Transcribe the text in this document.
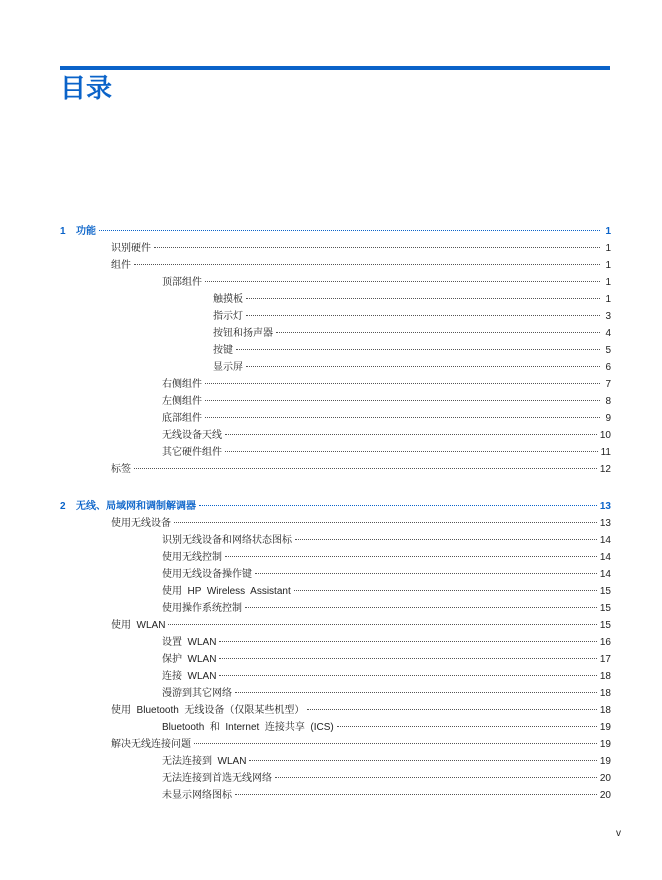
目录
1	功能	1
识别硬件	1
组件	1
顶部组件	1
触摸板	1
指示灯	3
按钮和扬声器	4
按键	5
显示屏	6
右侧组件	7
左侧组件	8
底部组件	9
无线设备天线	10
其它硬件组件	11
标签	12
2	无线、局域网和调制解调器	13
使用无线设备	13
识别无线设备和网络状态图标	14
使用无线控制	14
使用无线设备操作键	14
使用  HP  Wireless  Assistant	15
使用操作系统控制	15
使用  WLAN	15
设置  WLAN	16
保护  WLAN	17
连接  WLAN	18
漫游到其它网络	18
使用  Bluetooth  无线设备（仅限某些机型）	18
Bluetooth  和  Internet  连接共享  (ICS)	19
解决无线连接问题	19
无法连接到  WLAN	19
无法连接到首选无线网络	20
未显示网络图标	20
v
